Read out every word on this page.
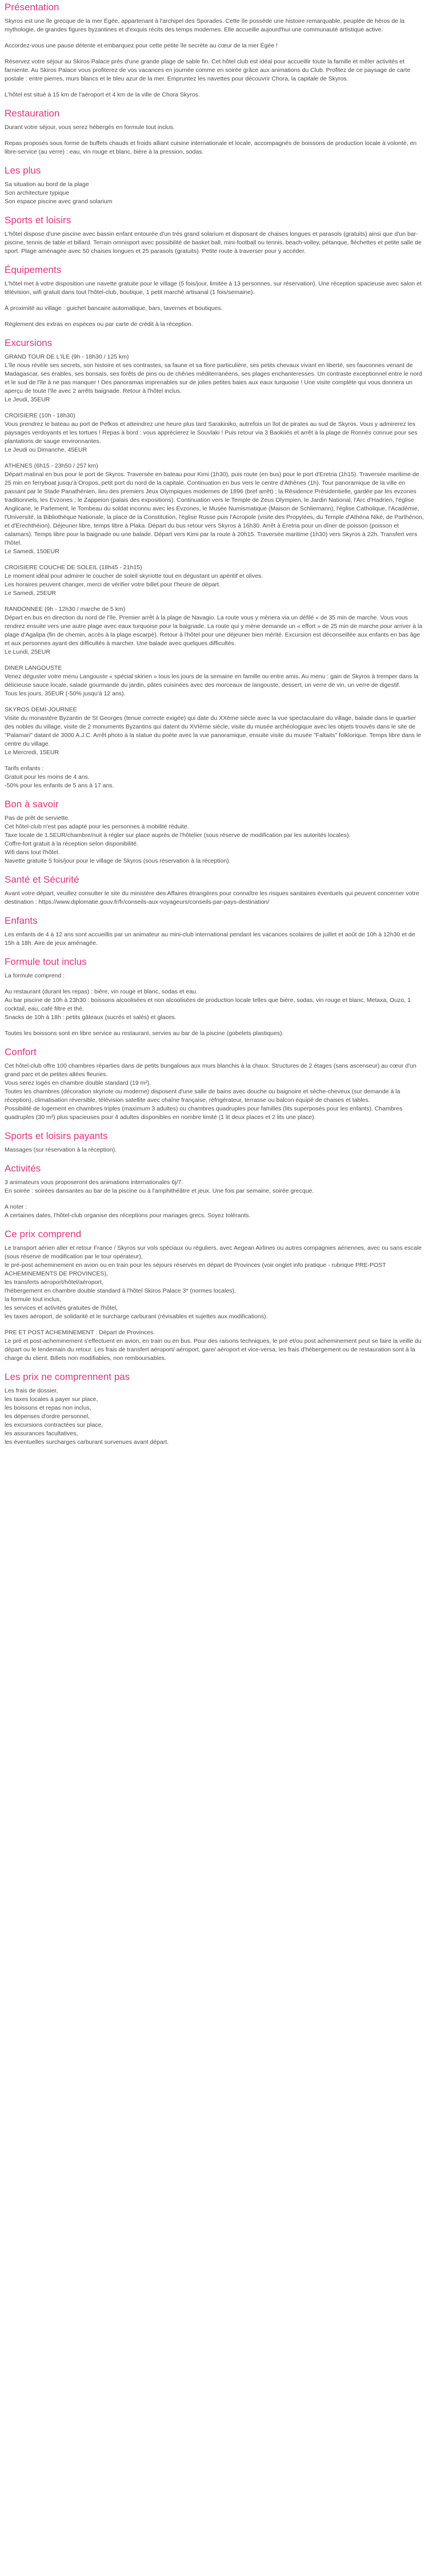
Présentation

Skyros est une île grecque de la mer Égée, appartenant à l'archipel des Sporades. Cette île possède une histoire remarquable, peuplée de héros de la mythologie, de grandes figures byzantines et d'exquis récits des temps modernes. Elle accueille aujourd'hui une communauté artistique active.

Accordez-vous une pause détente et embarquez pour cette petite île secrète au cœur de la mer Égée !

Réservez votre séjour au Skiros Palace près d'une grande plage de sable fin. Cet hôtel club est idéal pour accueillir toute la famille et mêler activités et farniente. Au Skiros Palace vous profiterez de vos vacances en journée comme en soirée grâce aux animations du Club. Profitez de ce paysage de carte postale : entre pierres, murs blancs et le bleu azur de la mer. Empruntez les navettes pour découvrir Chora, la capitale de Skyros.

L'hôtel est situé à 15 km de l'aéroport et 4 km de la ville de Chora Skyros.

Restauration

Durant votre séjour, vous serez hébergés en formule tout inclus.

Repas proposés sous forme de buffets chauds et froids alliant cuisine internationale et locale, accompagnés de boissons de production locale à volonté, en libre-service (au verre) : eau, vin rouge et blanc, bière à la pression, sodas.

Les plus

Sa situation au bord de la plage
Son architecture typique
Son espace piscine avec grand solarium

Sports et loisirs

L'hôtel dispose d'une piscine avec bassin enfant entourée d'un très grand solarium et disposant de chaises longues et parasols (gratuits) ainsi que d'un bar-piscine, tennis de table et billard. Terrain omnisport avec possibilité de basket ball, mini-football ou tennis, beach-volley, pétanque, fléchettes et petite salle de sport. Plage aménagée avec 50 chaises longues et 25 parasols (gratuits). Petite route à traverser pour y accéder.

Équipements

L'hôtel met à votre disposition une navette gratuite pour le village (5 fois/jour, limitée à 13 personnes, sur réservation). Une réception spacieuse avec salon et télévision, wifi gratuit dans tout l'hôtel-club, boutique, 1 petit marché artisanal (1 fois/semaine).

À proximité au village : guichet bancaire automatique, bars, tavernes et boutiques.

Règlement des extras en espèces ou par carte de crédit à la réception.

Excursions

GRAND TOUR DE L'ILE (9h - 18h30 / 125 km)
L'île nous révèle ses secrets, son histoire et ses contrastes, sa faune et sa flore particulière, ses petits chevaux vivant en liberté, ses fauconnes venant de Madagascar, ses érables, ses bonsaïs, ses forêts de pins ou de chênes méditerranéens, ses plages enchanteresses. Un contraste exceptionnel entre le nord et le sud de l'île à ne pas manquer ! Des panoramas imprenables sur de jolies petites baies aux eaux turquoise ! Une visite complète qui vous donnera un aperçu de toute l'île avec 2 arrêts baignade. Retour à l'hôtel inclus.
Le Jeudi, 35EUR

CROISIERE (10h - 18h30)
Vous prendrez le bateau au port de Pefkos et atteindrez une heure plus tard Sarakiniko, autrefois un îlot de pirates au sud de Skyros. Vous y admirerez les paysages verdoyants et les tortues ! Repas à bord : vous apprécierez le Souvlaki ! Puis retour via 3 Baokiiés et arrêt à la plage de Ronnès connue pour ses plantations de sauge environnantes.
Le Jeudi ou Dimanche, 45EUR

ATHENES (6h15 - 23h50 / 257 km)
Départ matinal en bus pour le port de Skyros. Traversée en bateau pour Kimi (1h30), puis route (en bus) pour le port d'Eretria (1h15). Traversée maritime de 25 min en ferryboat jusqu'à Oropos, petit port du nord de la capitale. Continuation en bus vers le centre d'Athènes (1h). Tour panoramique de la ville en passant par le Stade Panathénien, lieu des premiers Jeux Olympiques modernes de 1896 (bref arrêt) ; la Résidence Présidentielle, gardée par les evzones traditionnels, les Evzones ; le Zappeion (palais des expositions). Continuation vers le Temple de Zeus Olympien, le Jardin National, l'Arc d'Hadrien, l'église Anglicane, le Parlement, le Tombeau du soldat inconnu avec les Evzones, le Musée Numismatique (Maison de Schliemann), l'église Catholique, l'Académie, l'Université, la Bibliothèque Nationale, la place de la Constitution, l'église Russe puis l'Acropole (visite des Propylées, du Temple d'Athéna Niké, de Parthénon, et d'Erechthéion). Déjeuner libre, temps libre à Plaka. Départ du bus retour vers Skyros à 16h30. Arrêt à Eretria pour un dîner de poisson (poisson et calamars). Temps libre pour la baignade ou une balade. Départ vers Kimi par la route à 20h15. Traversée maritime (1h30) vers Skyros à 22h. Transfert vers l'hôtel.
Le Samedi, 150EUR

CROISIERE COUCHE DE SOLEIL (18h45 - 21h15)
Le moment idéal pour admirer le coucher de soleil skyriotte tout en dégustant un apéritif et olives.
Les horaires peuvent changer, merci de vérifier votre billet pour l'heure de départ.
Le Samedi, 25EUR

RANDONNEE (9h - 12h30 / marche de 5 km)
Départ en bus en direction du nord de l'île. Premier arrêt à la plage de Navagio. La route vous y mènera via un défilé « de 35 min de marche. Vous vous rendrez ensuite vers une autre plage avec eaux turquoise pour la baignade. La route qui y mène demande un « effort » de 25 min de marche pour arriver à la plage d'Agalipa (fin de chemin, accès à la plage escarpé). Retour à l'hôtel pour une déjeuner bien mérité. Excursion est déconseillée aux enfants en bas âge et aux personnes ayant des difficultés à marcher. Une balade avec quelques difficultés.
Le Lundi, 25EUR

DINER LANGOUSTE
Venez déguster votre menu Langouste « spécial skirien » tous les jours de la semaine en famille ou entre amis. Au menu : gain de Skyros à tremper dans la délicieuse sauce locale, salade gourmande du jardin, pâtes cuisinées avec des morceaux de langouste, dessert, un verre de vin, un verre de digestif.
Tous les jours, 35EUR (-50% jusqu'à 12 ans).

SKYROS DEMI-JOURNEE
Visite du monastère Byzantin de St Georges (tenue correcte exigée) qui date du XXème siècle avec la vue spectaculaire du village, balade dans le quartier des nobles du village, visite de 2 monuments Byzantins qui datent du XVIème siècle, visite du musée archéologique avec les objets trouvés dans le site de "Palamari" datant de 3000 A.J.C. Arrêt photo à la statue du poète avec la vue panoramique, ensuite visite du musée "Faltaits" folklorique. Temps libre dans le centre du village.
Le Mercredi, 15EUR

Tarifs enfants :
Gratuit pour les moins de 4 ans.
-50% pour les enfants de 5 ans à 17 ans.

Bon à savoir

Pas de prêt de serviette.
Cet hôtel-club n'est pas adapté pour les personnes à mobilité réduite.
Taxe locale de 1.5EUR/chambre/nuit à régler sur place auprès de l'hôtelier (sous réserve de modification par les autorités locales).
Coffre-fort gratuit à la réception selon disponibilité.
Wifi dans tout l'hôtel.
Navette gratuite 5 fois/jour pour le village de Skyros (sous réservation à la réception).

Santé et Sécurité

Avant votre départ, veuillez consulter le site du ministère des Affaires étrangères pour connaître les risques sanitaires éventuels qui peuvent concerner votre destination : https://www.diplomatie.gouv.fr/fr/conseils-aux-voyageurs/conseils-par-pays-destination/

Enfants

Les enfants de 4 à 12 ans sont accueillis par un animateur au mini-club international pendant les vacances scolaires de juillet et août de 10h à 12h30 et de 15h à 18h. Aire de jeux aménagée.

Formule tout inclus

La formule comprend :

Au restaurant (durant les repas) : bière, vin rouge et blanc, sodas et eau.
Au bar piscine de 10h à 23h30 : boissons alcoolisées et non alcoolisées de production locale telles que bière, sodas, vin rouge et blanc, Metaxa, Ouzo, 1 cocktail, eau, café filtre et thé.
Snacks de 10h à 18h : petits gâteaux (sucrés et salés) et glaces.

Toutes les boissons sont en libre service au restaurant, servies au bar de la piscine (gobelets plastiques).

Confort

Cet hôtel-club offre 100 chambres réparties dans de petits bungalows aux murs blanchis à la chaux. Structures de 2 étages (sans ascenseur) au cœur d'un grand parc et de petites allées fleuries.
Vous serez logés en chambre double standard (19 m²).
Toutes les chambres (décoration skyriote ou moderne) disposent d'une salle de bains avec douche ou baignoire et sèche-cheveux (sur demande à la réception), climatisation réversible, télévision satellite avec chaîne française, réfrigérateur, terrasse ou balcon équipé de chaises et tables.
Possibilité de logement en chambres triples (maximum 3 adultes) ou chambres quadruples pour familles (lits superposés pour les enfants). Chambres quadruples (30 m²) plus spacieuses pour 4 adultes disponibles en nombre limité (1 lit deux places et 2 lits une place).

Sports et loisirs payants

Massages (sur réservation à la réception).

Activités

3 animateurs vous proposeront des animations internationales 6j/7.
En soirée : soirées dansantes au bar de la piscine ou à l'amphithéâtre et jeux. Une fois par semaine, soirée grecque.

A noter :
A certaines dates, l'hôtel-club organise des réceptions pour mariages grecs. Soyez tolérants.

Ce prix comprend

Le transport aérien aller et retour France / Skyros sur vols spéciaux ou réguliers, avec Aegean Airlines ou autres compagnies aériennes, avec ou sans escale (sous réserve de modification par le tour opérateur),
le pré-post acheminement en avion ou en train pour les séjours réservés en départ de Provinces (voir onglet info pratique - rubrique PRE-POST ACHEMINEMENTS DE PROVINCES),
les transferts aéroport/hôtel/aéroport,
l'hébergement en chambre double standard à l'hôtel Skiros Palace 3* (normes locales),
la formule tout inclus,
les services et activités gratuites de l'hôtel,
les taxes aéroport, de solidarité et le surcharge carburant (révisables et sujettes aux modifications).

PRE ET POST ACHEMINEMENT : Départ de Provinces.
Le pré et post-acheminement s'effectuent en avion, en train ou en bus. Pour des raisons techniques, le pré et/ou post acheminement peut se faire la veille du départ ou le lendemain du retour. Les frais de transfert aéroport/ aéroport, gare/ aéroport et vice-versa, les frais d'hébergement ou de restauration sont à la charge du client. Billets non modifiables, non remboursables.

Les prix ne comprennent pas

Les frais de dossier,
les taxes locales à payer sur place,
les boissons et repas non inclus,
les dépenses d'ordre personnel,
les excursions contractées sur place,
les assurances facultatives,
les éventuelles surcharges carburant survenues avant départ.
